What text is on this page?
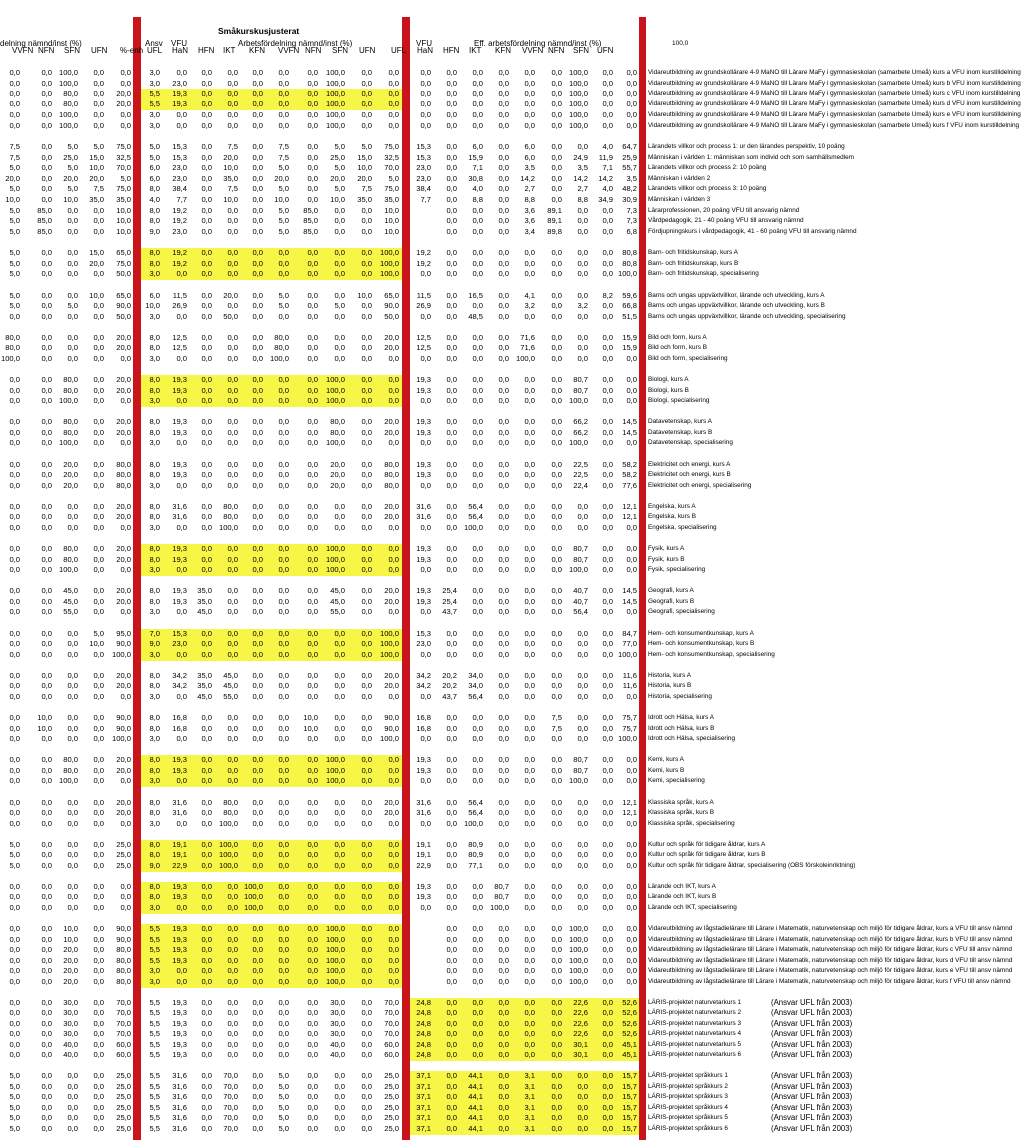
Småkurskusjusterat
delning nämnd/inst (%)	Ansv VFU	Arbetsfördelning nämnd/inst (%)	VFU	Eff. arbetsfördelning nämnd/inst (%)	100,0
VVFN NFN	SFN	UFN	%-enh UFL	HaN	HFN	IKT	KFN	VVFN NFN	SFN	UFN	UFL	HaN	HFN	IKT	KFN	VVFN NFN	SFN	UFN
0,0	0,0 100,0	0,0	0,0	3,0	0,0	0,0	0,0	0,0	0,0	0,0	100,0	0,0	0,0	0,0	0,0	0,0	0,0	0,0	0,0 100,0	0,0	0,0 Vidareutbildning av grundskollärare 4-9 MaNO till Lärare MaFy i gymnasieskolan (samarbete Umeå) kurs a VFU inom kurstilldelning
0,0	0,0 100,0	0,0	0,0	3,0	23,0	0,0	0,0	0,0	0,0	0,0	100,0	0,0	0,0	0,0	0,0	0,0	0,0	0,0	0,0 100,0	0,0	0,0 Vidareutbildning av grundskollärare 4-9 MaNO till Lärare MaFy i gymnasieskolan (samarbete Umeå) kurs b VFU inom kurstilldelning
0,0	0,0	80,0	0,0	20,0	5,5	19,3	0,0	0,0	0,0	0,0	0,0	100,0	0,0	0,0	0,0	0,0	0,0	0,0	0,0	0,0 100,0	0,0	0,0 Vidareutbildning av grundskollärare 4-9 MaNO till Lärare MaFy i gymnasieskolan (samarbete Umeå) kurs c VFU inom kurstilldelning
0,0	0,0	80,0	0,0	20,0	5,5	19,3	0,0	0,0	0,0	0,0	0,0	100,0	0,0	0,0	0,0	0,0	0,0	0,0	0,0	0,0 100,0	0,0	0,0 Vidareutbildning av grundskollärare 4-9 MaNO till Lärare MaFy i gymnasieskolan (samarbete Umeå) kurs d VFU inom kurstilldelning
0,0	0,0 100,0	0,0	0,0	3,0	0,0	0,0	0,0	0,0	0,0	0,0	100,0	0,0	0,0	0,0	0,0	0,0	0,0	0,0	0,0 100,0	0,0	0,0 Vidareutbildning av grundskollärare 4-9 MaNO till Lärare MaFy i gymnasieskolan (samarbete Umeå) kurs e VFU inom kurstilldelning
0,0	0,0 100,0	0,0	0,0	3,0	0,0	0,0	0,0	0,0	0,0	0,0	100,0	0,0	0,0	0,0	0,0	0,0	0,0	0,0	0,0 100,0	0,0	0,0 Vidareutbildning av grundskollärare 4-9 MaNO till Lärare MaFy i gymnasieskolan (samarbete Umeå) kurs f VFU inom kurstilldelning
7,5	0,0	5,0	5,0	75,0	5,0	15,3	0,0	7,5	0,0	7,5	0,0	5,0	5,0	75,0	15,3	0,0	6,0	0,0	6,0	0,0	0,0	4,0	64,7 Lärandets villkor och process 1: ur den lärandes perspektiv, 10 poäng
7,5	0,0	25,0	15,0	32,5	5,0	15,3	0,0	20,0	0,0	7,5	0,0	25,0	15,0	32,5	15,3	0,0	15,9	0,0	6,0	0,0	24,9	11,9	25,9 Människan i världen 1: människan som individ och som samhällsmedlem
5,0	0,0	5,0	10,0	70,0	6,0	23,0	0,0	10,0	0,0	5,0	0,0	5,0	10,0	70,0	23,0	0,0	7,1	0,0	3,5	0,0	3,5	7,1	55,7 Lärandets villkor och process 2: 10 poäng
20,0	0,0	20,0	20,0	5,0	6,0	23,0	0,0	35,0	0,0	20,0	0,0	20,0	20,0	5,0	23,0	0,0	30,8	0,0	14,2	0,0	14,2	14,2	3,5 Människan i världen 2
5,0	0,0	5,0	7,5	75,0	8,0	38,4	0,0	7,5	0,0	5,0	0,0	5,0	7,5	75,0	38,4	0,0	4,0	0,0	2,7	0,0	2,7	4,0	48,2 Lärandets villkor och process 3: 10 poäng
10,0	0,0	10,0	35,0	35,0	4,0	7,7	0,0	10,0	0,0	10,0	0,0	10,0	35,0	35,0	7,7	0,0	8,8	0,0	8,8	0,0	8,8	34,9	30,9 Människan i världen 3
5,0	85,0	0,0	0,0	10,0	8,0	19,2	0,0	0,0	0,0	5,0	85,0	0,0	0,0	10,0	0,0	0,0	0,0	3,6	89,1	0,0	0,0	7,3 Lärarprofessionen, 20 poäng VFU till ansvarig nämnd
5,0	85,0	0,0	0,0	10,0	8,0	19,2	0,0	0,0	0,0	5,0	85,0	0,0	0,0	10,0	0,0	0,0	0,0	3,6	89,1	0,0	0,0	7,3 Vårdpedagogik, 21 - 40 poäng VFU till ansvarig nämnd
5,0	85,0	0,0	0,0	10,0	9,0	23,0	0,0	0,0	0,0	5,0	85,0	0,0	0,0	10,0	0,0	0,0	0,0	3,4	89,8	0,0	0,0	6,8 Fördjupningskurs i vårdpedagogik, 41 - 60 poäng VFU till ansvarig nämnd
5,0	0,0	0,0	15,0	65,0	8,0	19,2	0,0	0,0	0,0	0,0	0,0	0,0	0,0	100,0	19,2	0,0	0,0	0,0	0,0	0,0	0,0	0,0	80,8 Barn- och fritidskunskap, kurs A
5,0	0,0	0,0	20,0	75,0	8,0	19,2	0,0	0,0	0,0	0,0	0,0	0,0	0,0	100,0	19,2	0,0	0,0	0,0	0,0	0,0	0,0	0,0	80,8 Barn- och fritidskunskap, kurs B
5,0	0,0	0,0	0,0	50,0	3,0	0,0	0,0	0,0	0,0	0,0	0,0	0,0	0,0	100,0	0,0	0,0	0,0	0,0	0,0	0,0	0,0	0,0 100,0 Barn- och fritidskunskap, specialisering
5,0	0,0	0,0	10,0	65,0	6,0	11,5	0,0	20,0	0,0	5,0	0,0	0,0	10,0	65,0	11,5	0,0	16,5	0,0	4,1	0,0	0,0	8,2	59,6 Barns och ungas uppväxtvillkor, lärande och utveckling, kurs A
5,0	0,0	5,0	0,0	90,0	10,0	26,9	0,0	0,0	0,0	5,0	0,0	5,0	0,0	90,0	26,9	0,0	0,0	0,0	3,2	0,0	3,2	0,0	66,8 Barns och ungas uppväxtvillkor, lärande och utveckling, kurs B
0,0	0,0	0,0	0,0	50,0	3,0	0,0	0,0	50,0	0,0	0,0	0,0	0,0	0,0	50,0	0,0	0,0	48,5	0,0	0,0	0,0	0,0	0,0	51,5 Barns och ungas uppväxtvillkor, lärande och utveckling, specialisering
80,0	0,0	0,0	0,0	20,0	8,0	12,5	0,0	0,0	0,0	80,0	0,0	0,0	0,0	20,0	12,5	0,0	0,0	0,0	71,6	0,0	0,0	0,0	15,9 Bild och form, kurs A
80,0	0,0	0,0	0,0	20,0	8,0	12,5	0,0	0,0	0,0	80,0	0,0	0,0	0,0	20,0	12,5	0,0	0,0	0,0	71,6	0,0	0,0	0,0	15,9 Bild och form, kurs B
100,0	0,0	0,0	0,0	0,0	3,0	0,0	0,0	0,0	0,0 100,0	0,0	0,0	0,0	0,0	0,0	0,0	0,0	0,0 100,0	0,0	0,0	0,0	0,0 Bild och form, specialisering
0,0	0,0	80,0	0,0	20,0	8,0	19,3	0,0	0,0	0,0	0,0	0,0	100,0	0,0	0,0	19,3	0,0	0,0	0,0	0,0	0,0	80,7	0,0	0,0 Biologi, kurs A
0,0	0,0	80,0	0,0	20,0	8,0	19,3	0,0	0,0	0,0	0,0	0,0	100,0	0,0	0,0	19,3	0,0	0,0	0,0	0,0	0,0	80,7	0,0	0,0 Biologi, kurs B
0,0	0,0 100,0	0,0	0,0	3,0	0,0	0,0	0,0	0,0	0,0	0,0	100,0	0,0	0,0	0,0	0,0	0,0	0,0	0,0	0,0 100,0	0,0	0,0 Biologi, specialisering
0,0	0,0	80,0	0,0	20,0	8,0	19,3	0,0	0,0	0,0	0,0	0,0	80,0	0,0	20,0	19,3	0,0	0,0	0,0	0,0	0,0	66,2	0,0	14,5 Datavetenskap, kurs A
0,0	0,0	80,0	0,0	20,0	8,0	19,3	0,0	0,0	0,0	0,0	0,0	80,0	0,0	20,0	19,3	0,0	0,0	0,0	0,0	0,0	66,2	0,0	14,5 Datavetenskap, kurs B
0,0	0,0 100,0	0,0	0,0	3,0	0,0	0,0	0,0	0,0	0,0	0,0	100,0	0,0	0,0	0,0	0,0	0,0	0,0	0,0	0,0 100,0	0,0	0,0 Datavetenskap, specialisering
0,0	0,0	20,0	0,0	80,0	8,0	19,3	0,0	0,0	0,0	0,0	0,0	20,0	0,0	80,0	19,3	0,0	0,0	0,0	0,0	0,0	22,5	0,0	58,2 Elektricitet och energi, kurs A
0,0	0,0	20,0	0,0	80,0	8,0	19,3	0,0	0,0	0,0	0,0	0,0	20,0	0,0	80,0	19,3	0,0	0,0	0,0	0,0	0,0	22,5	0,0	58,2 Elektricitet och energi, kurs B
0,0	0,0	20,0	0,0	80,0	3,0	0,0	0,0	0,0	0,0	0,0	0,0	20,0	0,0	80,0	0,0	0,0	0,0	0,0	0,0	0,0	22,4	0,0	77,6 Elektricitet och energi, specialisering
0,0	0,0	0,0	0,0	20,0	8,0	31,6	0,0	80,0	0,0	0,0	0,0	0,0	0,0	20,0	31,6	0,0	56,4	0,0	0,0	0,0	0,0	0,0	12,1 Engelska, kurs A
0,0	0,0	0,0	0,0	20,0	8,0	31,6	0,0	80,0	0,0	0,0	0,0	0,0	0,0	20,0	31,6	0,0	56,4	0,0	0,0	0,0	0,0	0,0	12,1 Engelska, kurs B
0,0	0,0	0,0	0,0	0,0	3,0	0,0	0,0 100,0	0,0	0,0	0,0	0,0	0,0	0,0	0,0	0,0 100,0	0,0	0,0	0,0	0,0	0,0	0,0 Engelska, specialisering
0,0	0,0	80,0	0,0	20,0	8,0	19,3	0,0	0,0	0,0	0,0	0,0	100,0	0,0	0,0	19,3	0,0	0,0	0,0	0,0	0,0	80,7	0,0	0,0 Fysik, kurs A
0,0	0,0	80,0	0,0	20,0	8,0	19,3	0,0	0,0	0,0	0,0	0,0	100,0	0,0	0,0	19,3	0,0	0,0	0,0	0,0	0,0	80,7	0,0	0,0 Fysik, kurs B
0,0	0,0 100,0	0,0	0,0	3,0	0,0	0,0	0,0	0,0	0,0	0,0	100,0	0,0	0,0	0,0	0,0	0,0	0,0	0,0	0,0 100,0	0,0	0,0 Fysik, specialisering
0,0	0,0	45,0	0,0	20,0	8,0	19,3	35,0	0,0	0,0	0,0	0,0	45,0	0,0	20,0	19,3	25,4	0,0	0,0	0,0	0,0	40,7	0,0	14,5 Geografi, kurs A
0,0	0,0	45,0	0,0	20,0	8,0	19,3	35,0	0,0	0,0	0,0	0,0	45,0	0,0	20,0	19,3	25,4	0,0	0,0	0,0	0,0	40,7	0,0	14,5 Geografi, kurs B
0,0	0,0	55,0	0,0	0,0	3,0	0,0	45,0	0,0	0,0	0,0	0,0	55,0	0,0	0,0	0,0	43,7	0,0	0,0	0,0	0,0	56,4	0,0	0,0 Geografi, specialisering
0,0	0,0	0,0	5,0	95,0	7,0	15,3	0,0	0,0	0,0	0,0	0,0	0,0	0,0	100,0	15,3	0,0	0,0	0,0	0,0	0,0	0,0	0,0	84,7 Hem- och konsumentkunskap, kurs A
0,0	0,0	0,0	10,0	90,0	9,0	23,0	0,0	0,0	0,0	0,0	0,0	0,0	0,0	100,0	23,0	0,0	0,0	0,0	0,0	0,0	0,0	0,0	77,0 Hem- och konsumentkunskap, kurs B
0,0	0,0	0,0	0,0	100,0	3,0	0,0	0,0	0,0	0,0	0,0	0,0	0,0	0,0	100,0	0,0	0,0	0,0	0,0	0,0	0,0	0,0	0,0 100,0 Hem- och konsumentkunskap, specialisering
0,0	0,0	0,0	0,0	20,0	8,0	34,2	35,0	45,0	0,0	0,0	0,0	0,0	0,0	20,0	34,2	20,2	34,0	0,0	0,0	0,0	0,0	0,0	11,6 Historia, kurs A
0,0	0,0	0,0	0,0	20,0	8,0	34,2	35,0	45,0	0,0	0,0	0,0	0,0	0,0	20,0	34,2	20,2	34,0	0,0	0,0	0,0	0,0	0,0	11,6 Historia, kurs B
0,0	0,0	0,0	0,0	0,0	3,0	0,0	45,0	55,0	0,0	0,0	0,0	0,0	0,0	0,0	0,0	43,7	56,4	0,0	0,0	0,0	0,0	0,0	0,0 Historia, specialisering
0,0	10,0	0,0	0,0	90,0	8,0	16,8	0,0	0,0	0,0	0,0	10,0	0,0	0,0	90,0	16,8	0,0	0,0	0,0	0,0	7,5	0,0	0,0	75,7 Idrott och Hälsa, kurs A
0,0	10,0	0,0	0,0	90,0	8,0	16,8	0,0	0,0	0,0	0,0	10,0	0,0	0,0	90,0	16,8	0,0	0,0	0,0	0,0	7,5	0,0	0,0	75,7 Idrott och Hälsa, kurs B
0,0	0,0	0,0	0,0	100,0	3,0	0,0	0,0	0,0	0,0	0,0	0,0	0,0	0,0	100,0	0,0	0,0	0,0	0,0	0,0	0,0	0,0	0,0 100,0 Idrott och Hälsa, specialisering
0,0	0,0	80,0	0,0	20,0	8,0	19,3	0,0	0,0	0,0	0,0	0,0	100,0	0,0	0,0	19,3	0,0	0,0	0,0	0,0	0,0	80,7	0,0	0,0 Kemi, kurs A
0,0	0,0	80,0	0,0	20,0	8,0	19,3	0,0	0,0	0,0	0,0	0,0	100,0	0,0	0,0	19,3	0,0	0,0	0,0	0,0	0,0	80,7	0,0	0,0 Kemi, kurs B
0,0	0,0 100,0	0,0	0,0	3,0	0,0	0,0	0,0	0,0	0,0	0,0	100,0	0,0	0,0	0,0	0,0	0,0	0,0	0,0	0,0 100,0	0,0	0,0 Kemi, specialisering
0,0	0,0	0,0	0,0	20,0	8,0	31,6	0,0	80,0	0,0	0,0	0,0	0,0	0,0	20,0	31,6	0,0	56,4	0,0	0,0	0,0	0,0	0,0	12,1 Klassiska språk, kurs A
0,0	0,0	0,0	0,0	20,0	8,0	31,6	0,0	80,0	0,0	0,0	0,0	0,0	0,0	20,0	31,6	0,0	56,4	0,0	0,0	0,0	0,0	0,0	12,1 Klassiska språk, kurs B
0,0	0,0	0,0	0,0	0,0	3,0	0,0	0,0 100,0	0,0	0,0	0,0	0,0	0,0	0,0	0,0	0,0 100,0	0,0	0,0	0,0	0,0	0,0	0,0 Klassiska språk, specialisering
5,0	0,0	0,0	0,0	25,0	8,0	19,1	0,0 100,0	0,0	0,0	0,0	0,0	0,0	0,0	19,1	0,0	80,9	0,0	0,0	0,0	0,0	0,0	0,0 Kultur och språk för tidigare åldrar, kurs A
5,0	0,0	0,0	0,0	25,0	8,0	19,1	0,0 100,0	0,0	0,0	0,0	0,0	0,0	0,0	19,1	0,0	80,9	0,0	0,0	0,0	0,0	0,0	0,0 Kultur och språk för tidigare åldrar, kurs B
5,0	0,0	0,0	0,0	25,0	9,0	22,9	0,0 100,0	0,0	0,0	0,0	0,0	0,0	0,0	22,9	0,0	77,1	0,0	0,0	0,0	0,0	0,0	0,0 Kultur och språk för tidigare åldrar, specialisering (OBS förskoleinriktning)
0,0	0,0	0,0	0,0	0,0	8,0	19,3	0,0	0,0 100,0	0,0	0,0	0,0	0,0	0,0	19,3	0,0	0,0	80,7	0,0	0,0	0,0	0,0	0,0 Lärande och IKT, kurs A
0,0	0,0	0,0	0,0	0,0	8,0	19,3	0,0	0,0 100,0	0,0	0,0	0,0	0,0	0,0	19,3	0,0	0,0	80,7	0,0	0,0	0,0	0,0	0,0 Lärande och IKT, kurs B
0,0	0,0	0,0	0,0	0,0	3,0	0,0	0,0	0,0 100,0	0,0	0,0	0,0	0,0	0,0	0,0	0,0	0,0 100,0	0,0	0,0	0,0	0,0	0,0 Lärande och IKT, specialisering
0,0	0,0	10,0	0,0	90,0	5,5	19,3	0,0	0,0	0,0	0,0	0,0	100,0	0,0	0,0	0,0	0,0	0,0	0,0	0,0 100,0	0,0	0,0 Vidareutbildning av lågstadielärare till Lärare i Matematik, naturvetenskap och miljö för tidigare åldrar, kurs a VFU till ansv nämnd
0,0	0,0	10,0	0,0	90,0	5,5	19,3	0,0	0,0	0,0	0,0	0,0	100,0	0,0	0,0	0,0	0,0	0,0	0,0	0,0 100,0	0,0	0,0 Vidareutbildning av lågstadielärare till Lärare i Matematik, naturvetenskap och miljö för tidigare åldrar, kurs b VFU till ansv nämnd
0,0	0,0	20,0	0,0	80,0	5,5	19,3	0,0	0,0	0,0	0,0	0,0	100,0	0,0	0,0	0,0	0,0	0,0	0,0	0,0 100,0	0,0	0,0 Vidareutbildning av lågstadielärare till Lärare i Matematik, naturvetenskap och miljö för tidigare åldrar, kurs c VFU till ansv nämnd
0,0	0,0	20,0	0,0	80,0	5,5	19,3	0,0	0,0	0,0	0,0	0,0	100,0	0,0	0,0	0,0	0,0	0,0	0,0	0,0 100,0	0,0	0,0 Vidareutbildning av lågstadielärare till Lärare i Matematik, naturvetenskap och miljö för tidigare åldrar, kurs d VFU till ansv nämnd
0,0	0,0	20,0	0,0	80,0	3,0	0,0	0,0	0,0	0,0	0,0	0,0	100,0	0,0	0,0	0,0	0,0	0,0	0,0	0,0 100,0	0,0	0,0 Vidareutbildning av lågstadielärare till Lärare i Matematik, naturvetenskap och miljö för tidigare åldrar, kurs e VFU till ansv nämnd
0,0	0,0	20,0	0,0	80,0	3,0	0,0	0,0	0,0	0,0	0,0	0,0	100,0	0,0	0,0	0,0	0,0	0,0	0,0	0,0 100,0	0,0	0,0 Vidareutbildning av lågstadielärare till Lärare i Matematik, naturvetenskap och miljö för tidigare åldrar, kurs f VFU till ansv nämnd
0,0	0,0	30,0	0,0	70,0	5,5	19,3	0,0	0,0	0,0	0,0	0,0	30,0	0,0	70,0	24,8	0,0	0,0	0,0	0,0	0,0	22,6	0,0	52,6 LÄRIS-projektet naturvetarkurs 1	(Ansvar UFL från 2003)
0,0	0,0	30,0	0,0	70,0	5,5	19,3	0,0	0,0	0,0	0,0	0,0	30,0	0,0	70,0	24,8	0,0	0,0	0,0	0,0	0,0	22,6	0,0	52,6 LÄRIS-projektet naturvetarkurs 2	(Ansvar UFL från 2003)
0,0	0,0	30,0	0,0	70,0	5,5	19,3	0,0	0,0	0,0	0,0	0,0	30,0	0,0	70,0	24,8	0,0	0,0	0,0	0,0	0,0	22,6	0,0	52,6 LÄRIS-projektet naturvetarkurs 3	(Ansvar UFL från 2003)
0,0	0,0	30,0	0,0	70,0	5,5	19,3	0,0	0,0	0,0	0,0	0,0	30,0	0,0	70,0	24,8	0,0	0,0	0,0	0,0	0,0	22,6	0,0	52,6 LÄRIS-projektet naturvetarkurs 4	(Ansvar UFL från 2003)
0,0	0,0	40,0	0,0	60,0	5,5	19,3	0,0	0,0	0,0	0,0	0,0	40,0	0,0	60,0	24,8	0,0	0,0	0,0	0,0	0,0	30,1	0,0	45,1 LÄRIS-projektet naturvetarkurs 5	(Ansvar UFL från 2003)
0,0	0,0	40,0	0,0	60,0	5,5	19,3	0,0	0,0	0,0	0,0	0,0	40,0	0,0	60,0	24,8	0,0	0,0	0,0	0,0	0,0	30,1	0,0	45,1 LÄRIS-projektet naturvetarkurs 6	(Ansvar UFL från 2003)
5,0	0,0	0,0	0,0	25,0	5,5	31,6	0,0	70,0	0,0	5,0	0,0	0,0	0,0	25,0	37,1	0,0	44,1	0,0	3,1	0,0	0,0	0,0	15,7 LÄRIS-projektet språkkurs 1	(Ansvar UFL från 2003)
5,0	0,0	0,0	0,0	25,0	5,5	31,6	0,0	70,0	0,0	5,0	0,0	0,0	0,0	25,0	37,1	0,0	44,1	0,0	3,1	0,0	0,0	0,0	15,7 LÄRIS-projektet språkkurs 2	(Ansvar UFL från 2003)
5,0	0,0	0,0	0,0	25,0	5,5	31,6	0,0	70,0	0,0	5,0	0,0	0,0	0,0	25,0	37,1	0,0	44,1	0,0	3,1	0,0	0,0	0,0	15,7 LÄRIS-projektet språkkurs 3	(Ansvar UFL från 2003)
5,0	0,0	0,0	0,0	25,0	5,5	31,6	0,0	70,0	0,0	5,0	0,0	0,0	0,0	25,0	37,1	0,0	44,1	0,0	3,1	0,0	0,0	0,0	15,7 LÄRIS-projektet språkkurs 4	(Ansvar UFL från 2003)
5,0	0,0	0,0	0,0	25,0	5,5	31,6	0,0	70,0	0,0	5,0	0,0	0,0	0,0	25,0	37,1	0,0	44,1	0,0	3,1	0,0	0,0	0,0	15,7 LÄRIS-projektet språkkurs 5	(Ansvar UFL från 2003)
5,0	0,0	0,0	0,0	25,0	5,5	31,6	0,0	70,0	0,0	5,0	0,0	0,0	0,0	25,0	37,1	0,0	44,1	0,0	3,1	0,0	0,0	0,0	15,7 LÄRIS-projektet språkkurs 6	(Ansvar UFL från 2003)
